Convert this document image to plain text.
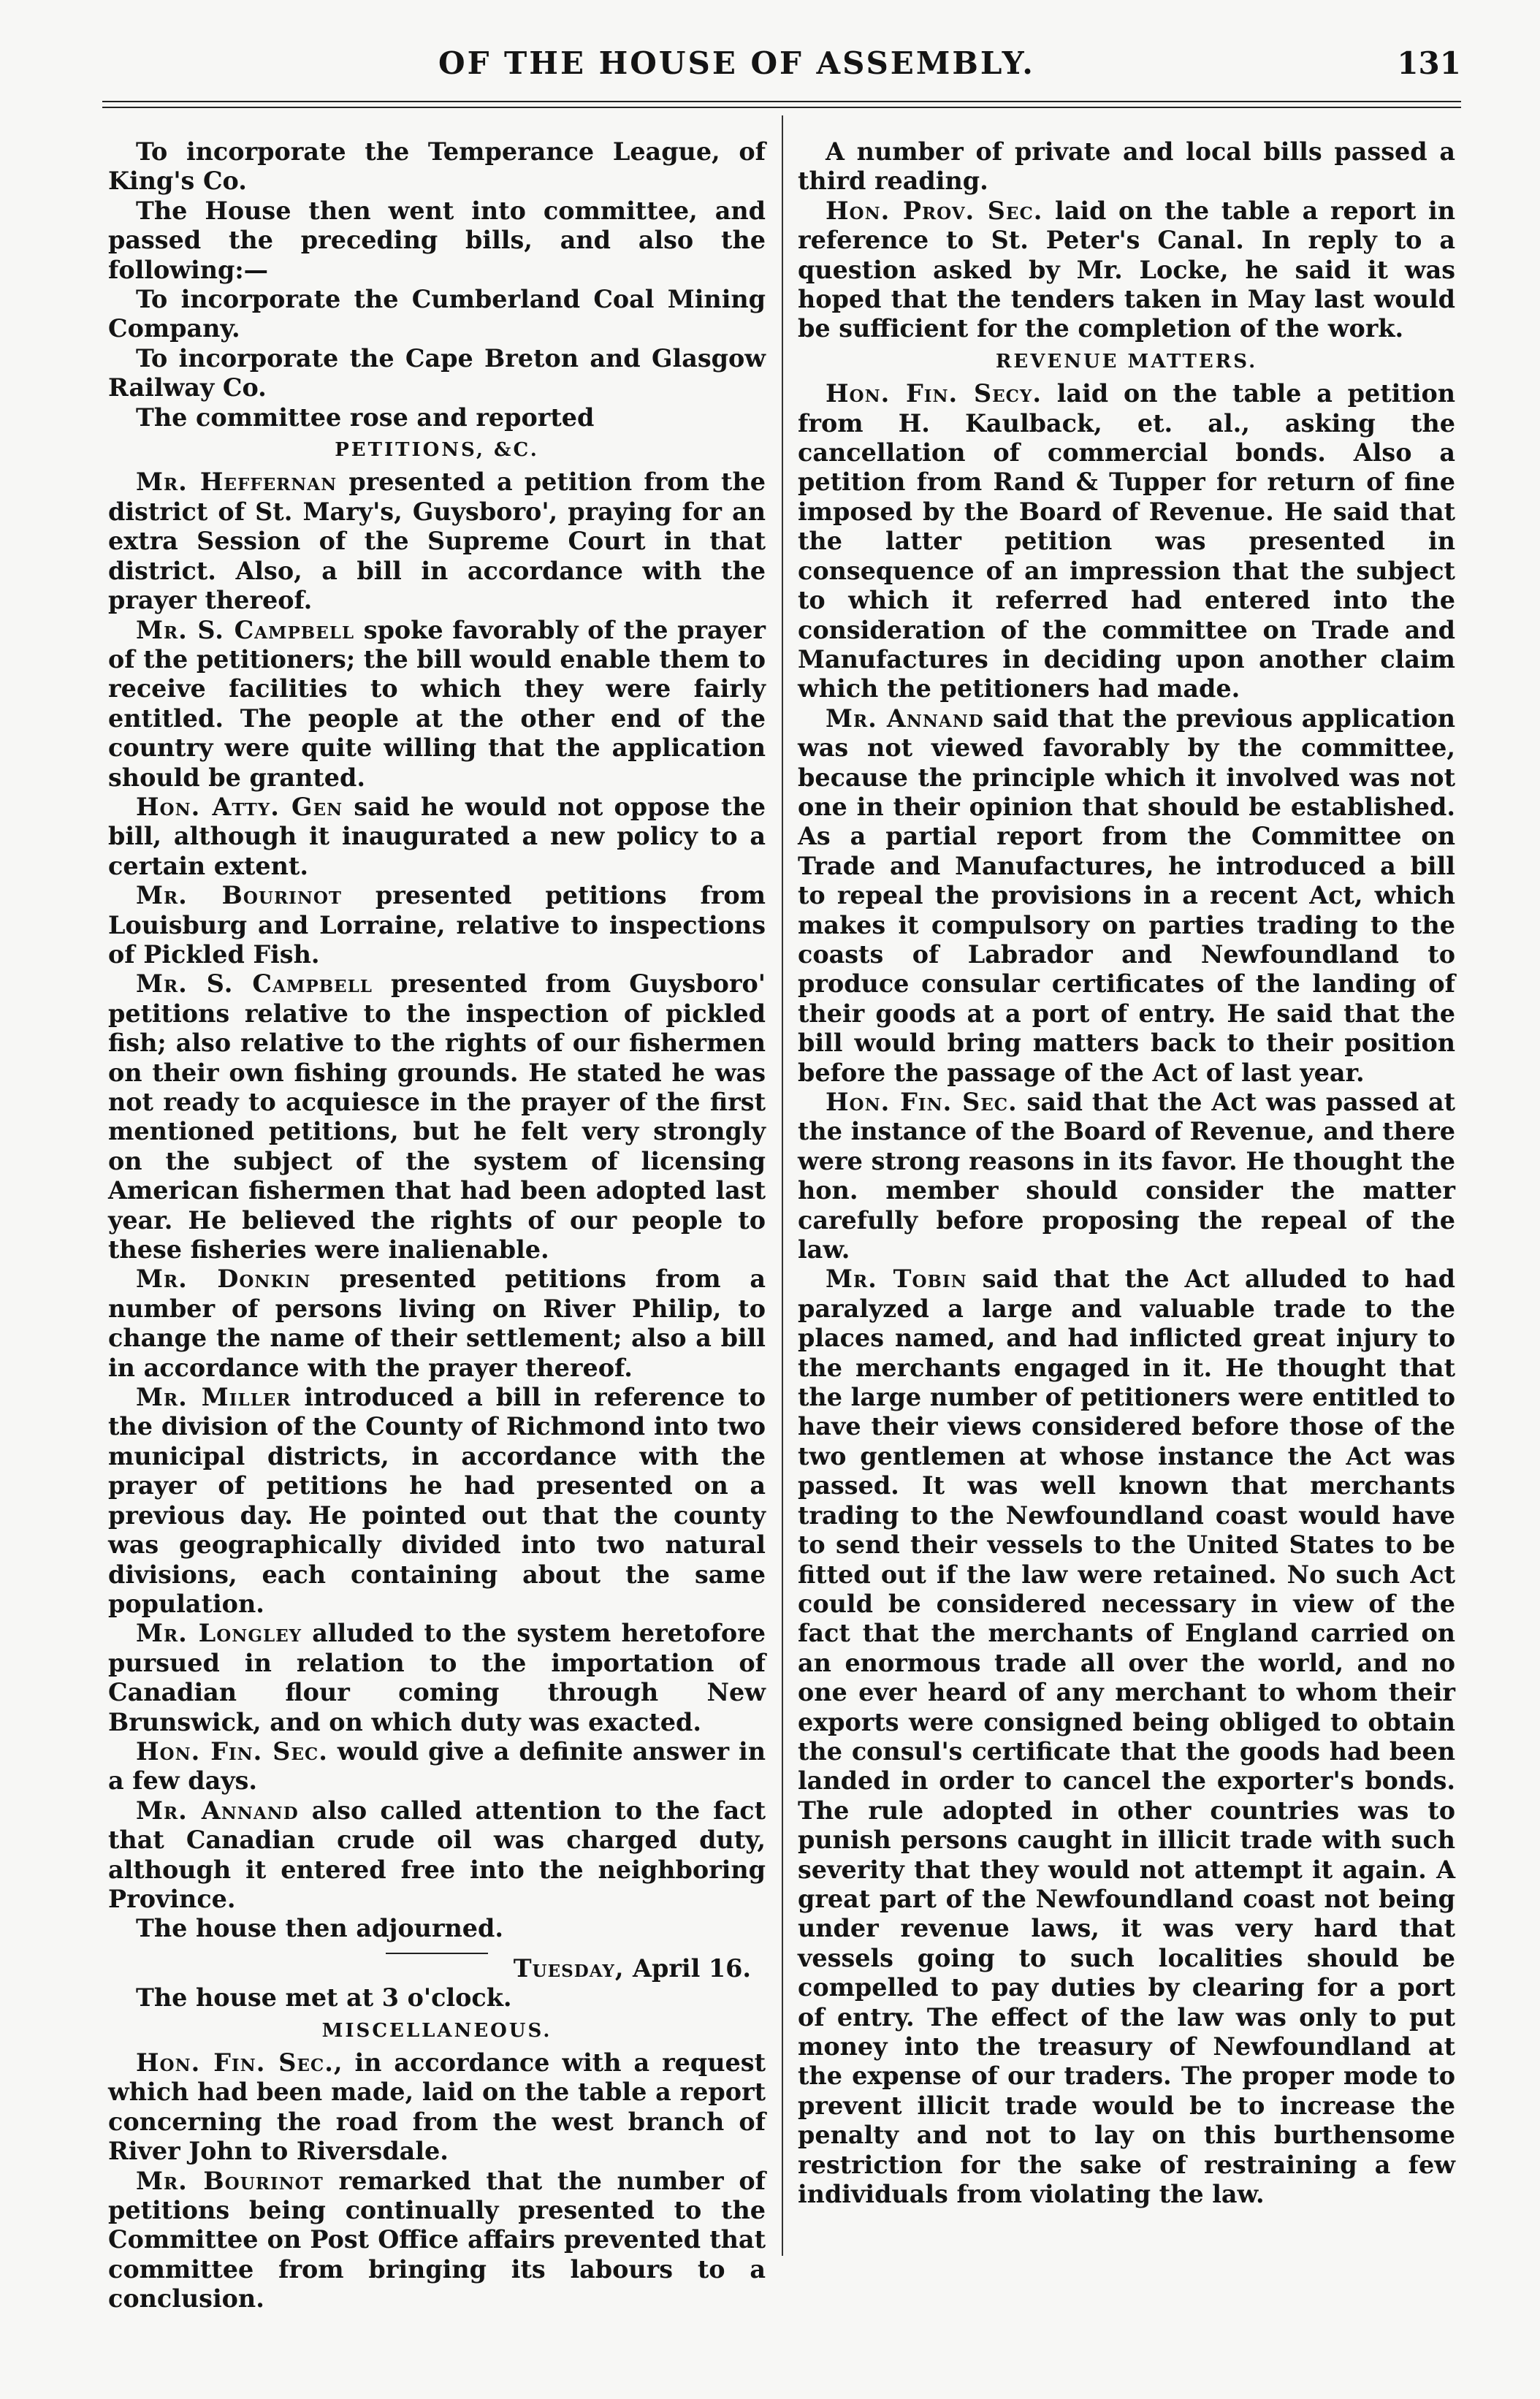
OF THE HOUSE OF ASSEMBLY.	131

To incorporate the Temperance League, of King's Co.

The House then went into committee, and passed the preceding bills, and also the following:—

To incorporate the Cumberland Coal Mining Company.

To incorporate the Cape Breton and Glasgow Railway Co.

The committee rose and reported

PETITIONS, &C.

Mr. Heffernan presented a petition from the district of St. Mary's, Guysboro', praying for an extra Session of the Supreme Court in that district. Also, a bill in accordance with the prayer thereof.

Mr. S. Campbell spoke favorably of the prayer of the petitioners; the bill would enable them to receive facilities to which they were fairly entitled. The people at the other end of the country were quite willing that the application should be granted.

Hon. Atty. Gen said he would not oppose the bill, although it inaugurated a new policy to a certain extent.

Mr. Bourinot presented petitions from Louisburg and Lorraine, relative to inspections of Pickled Fish.

Mr. S. Campbell presented from Guysboro' petitions relative to the inspection of pickled fish; also relative to the rights of our fishermen on their own fishing grounds. He stated he was not ready to acquiesce in the prayer of the first mentioned petitions, but he felt very strongly on the subject of the system of licensing American fishermen that had been adopted last year. He believed the rights of our people to these fisheries were inalienable.

Mr. Donkin presented petitions from a number of persons living on River Philip, to change the name of their settlement; also a bill in accordance with the prayer thereof.

Mr. Miller introduced a bill in reference to the division of the County of Richmond into two municipal districts, in accordance with the prayer of petitions he had presented on a previous day. He pointed out that the county was geographically divided into two natural divisions, each containing about the same population.

Mr. Longley alluded to the system heretofore pursued in relation to the importation of Canadian flour coming through New Brunswick, and on which duty was exacted.

Hon. Fin. Sec. would give a definite answer in a few days.

Mr. Annand also called attention to the fact that Canadian crude oil was charged duty, although it entered free into the neighboring Province.

The house then adjourned.

Tuesday, April 16.

The house met at 3 o'clock.

MISCELLANEOUS.

Hon. Fin. Sec., in accordance with a request which had been made, laid on the table a report concerning the road from the west branch of River John to Riversdale.

Mr. Bourinot remarked that the number of petitions being continually presented to the Committee on Post Office affairs prevented that committee from bringing its labours to a conclusion.

A number of private and local bills passed a third reading.

Hon. Prov. Sec. laid on the table a report in reference to St. Peter's Canal. In reply to a question asked by Mr. Locke, he said it was hoped that the tenders taken in May last would be sufficient for the completion of the work.

REVENUE MATTERS.

Hon. Fin. Secy. laid on the table a petition from H. Kaulback, et. al., asking the cancellation of commercial bonds. Also a petition from Rand & Tupper for return of fine imposed by the Board of Revenue. He said that the latter petition was presented in consequence of an impression that the subject to which it referred had entered into the consideration of the committee on Trade and Manufactures in deciding upon another claim which the petitioners had made.

Mr. Annand said that the previous application was not viewed favorably by the committee, because the principle which it involved was not one in their opinion that should be established. As a partial report from the Committee on Trade and Manufactures, he introduced a bill to repeal the provisions in a recent Act, which makes it compulsory on parties trading to the coasts of Labrador and Newfoundland to produce consular certificates of the landing of their goods at a port of entry. He said that the bill would bring matters back to their position before the passage of the Act of last year.

Hon. Fin. Sec. said that the Act was passed at the instance of the Board of Revenue, and there were strong reasons in its favor. He thought the hon. member should consider the matter carefully before proposing the repeal of the law.

Mr. Tobin said that the Act alluded to had paralyzed a large and valuable trade to the places named, and had inflicted great injury to the merchants engaged in it. He thought that the large number of petitioners were entitled to have their views considered before those of the two gentlemen at whose instance the Act was passed. It was well known that merchants trading to the Newfoundland coast would have to send their vessels to the United States to be fitted out if the law were retained. No such Act could be considered necessary in view of the fact that the merchants of England carried on an enormous trade all over the world, and no one ever heard of any merchant to whom their exports were consigned being obliged to obtain the consul's certificate that the goods had been landed in order to cancel the exporter's bonds. The rule adopted in other countries was to punish persons caught in illicit trade with such severity that they would not attempt it again. A great part of the Newfoundland coast not being under revenue laws, it was very hard that vessels going to such localities should be compelled to pay duties by clearing for a port of entry. The effect of the law was only to put money into the treasury of Newfoundland at the expense of our traders. The proper mode to prevent illicit trade would be to increase the penalty and not to lay on this burthensome restriction for the sake of restraining a few individuals from violating the law.
